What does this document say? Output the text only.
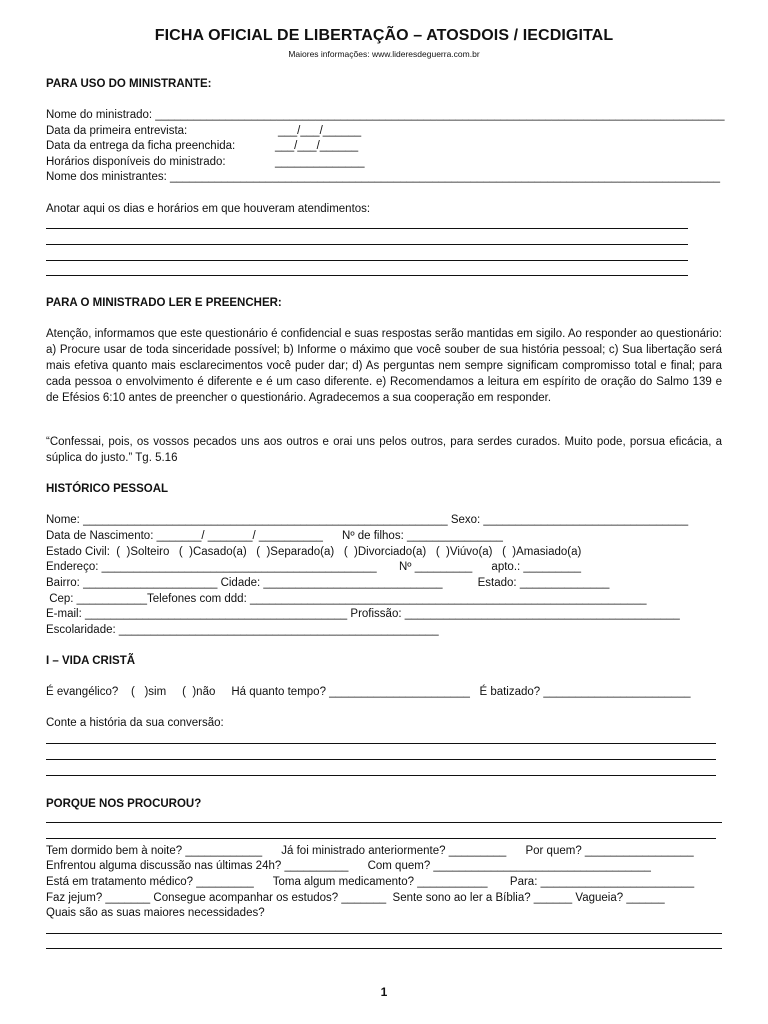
FICHA OFICIAL DE LIBERTAÇÃO – ATOSDOIS / IECDIGITAL
Maiores informações: www.lideresdeguerra.com.br
PARA USO DO MINISTRANTE:
Nome do ministrado: _________________________________________________________________________________________
Data da primeira entrevista:	___/___/______
Data da entrega da ficha preenchida:	___/___/______
Horários disponíveis do ministrado:	______________
Nome dos ministrantes: ______________________________________________________________________________________
Anotar aqui os dias e horários em que houveram atendimentos:
PARA O MINISTRADO LER E PREENCHER:
Atenção, informamos que este questionário é confidencial e suas respostas serão mantidas em sigilo. Ao responder ao questionário: a) Procure usar de toda sinceridade possível; b) Informe o máximo que você souber de sua história pessoal; c) Sua libertação será mais efetiva quanto mais esclarecimentos você puder dar; d) As perguntas nem sempre significam compromisso total e final; para cada pessoa o envolvimento é diferente e é um caso diferente. e) Recomendamos a leitura em espírito de oração do Salmo 139 e de Efésios 6:10 antes de preencher o questionário. Agradecemos a sua cooperação em responder.
“Confessai, pois, os vossos pecados uns aos outros e orai uns pelos outros, para serdes curados. Muito pode, porsua eficácia, a súplica do justo.” Tg. 5.16
HISTÓRICO PESSOAL
Nome: _________________________________________________________ Sexo: ________________________________
Data de Nascimento: _______/ _______/ __________      Nº de filhos: _______________
Estado Civil:  (  )Solteiro   (  )Casado(a)   (  )Separado(a)   (  )Divorciado(a)   (  )Viúvo(a)   (  )Amasiado(a)
Endereço: ___________________________________________       Nº _________      apto.: _________
Bairro: _____________________ Cidade: ____________________________           Estado: ______________
Cep: ___________Telefones com ddd: ______________________________________________________________
E-mail: _________________________________________ Profissão: ___________________________________________
Escolaridade: __________________________________________________
I – VIDA CRISTÃ
É evangélico?    (   )sim     (  )não     Há quanto tempo? ______________________   É batizado? _______________________
Conte a história da sua conversão:
PORQUE NOS PROCUROU?
Tem dormido bem à noite? ____________      Já foi ministrado anteriormente? _________      Por quem? _________________
Enfrentou alguma discussão nas últimas 24h? __________      Com quem? __________________________________
Está em tratamento médico? _________      Toma algum medicamento? ___________       Para: ________________________
Faz jejum? _______ Consegue acompanhar os estudos? _______  Sente sono ao ler a Bíblia? ______ Vagueia? ______
Quais são as suas maiores necessidades?
1
